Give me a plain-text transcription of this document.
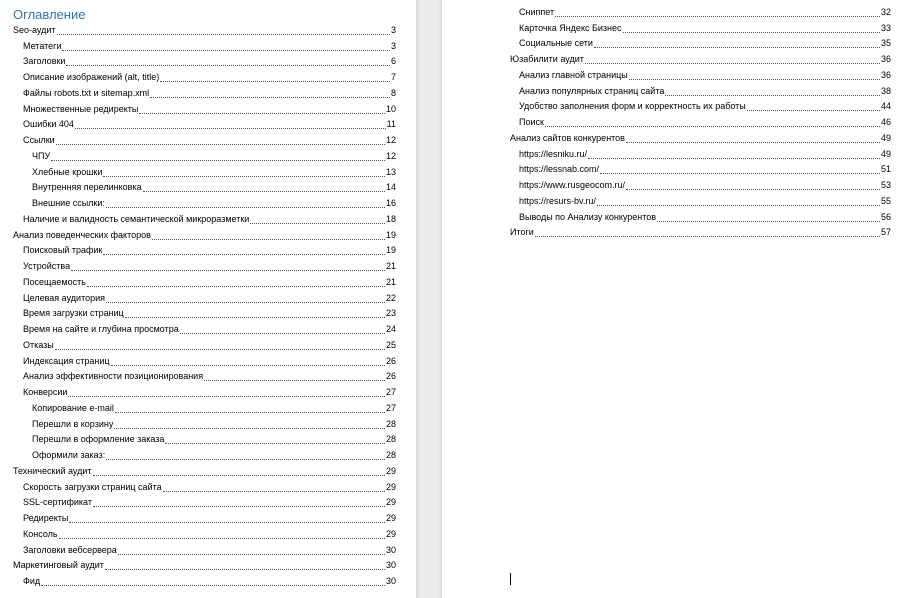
Оглавление
Seo-аудит	3
Метатеги	3
Заголовки	6
Описание изображений (alt, title)	7
Файлы robots.txt и sitemap.xml	8
Множественные редиректы	10
Ошибки 404	11
Ссылки	12
ЧПУ	12
Хлебные крошки	13
Внутренняя перелинковка	14
Внешние ссылки:	16
Наличие и валидность семантической микроразметки	18
Анализ поведенческих факторов	19
Поисковый трафик	19
Устройства	21
Посещаемость	21
Целевая аудитория	22
Время загрузки страниц	23
Время на сайте и глубина просмотра	24
Отказы	25
Индексация страниц	26
Анализ эффективности позиционирования	26
Конверсии	27
Копирование e-mail	27
Перешли в корзину	28
Перешли в оформление заказа	28
Оформили заказ:	28
Технический аудит	29
Скорость загрузки страниц сайта	29
SSL-сертификат	29
Редиректы	29
Консоль	29
Заголовки вебсервера	30
Маркетинговый аудит	30
Фид	30
Сниппет	32
Карточка Яндекс Бизнес	33
Социальные сети	35
Юзабилити аудит	36
Анализ главной страницы	36
Анализ популярных страниц сайта	38
Удобство заполнения форм и корректность их работы	44
Поиск	46
Анализ сайтов конкурентов	49
https://lesniku.ru/	49
https://lessnab.com/	51
https://www.rusgeocom.ru/	53
https://resurs-bv.ru/	55
Выводы по Анализу конкурентов	56
Итоги	57
